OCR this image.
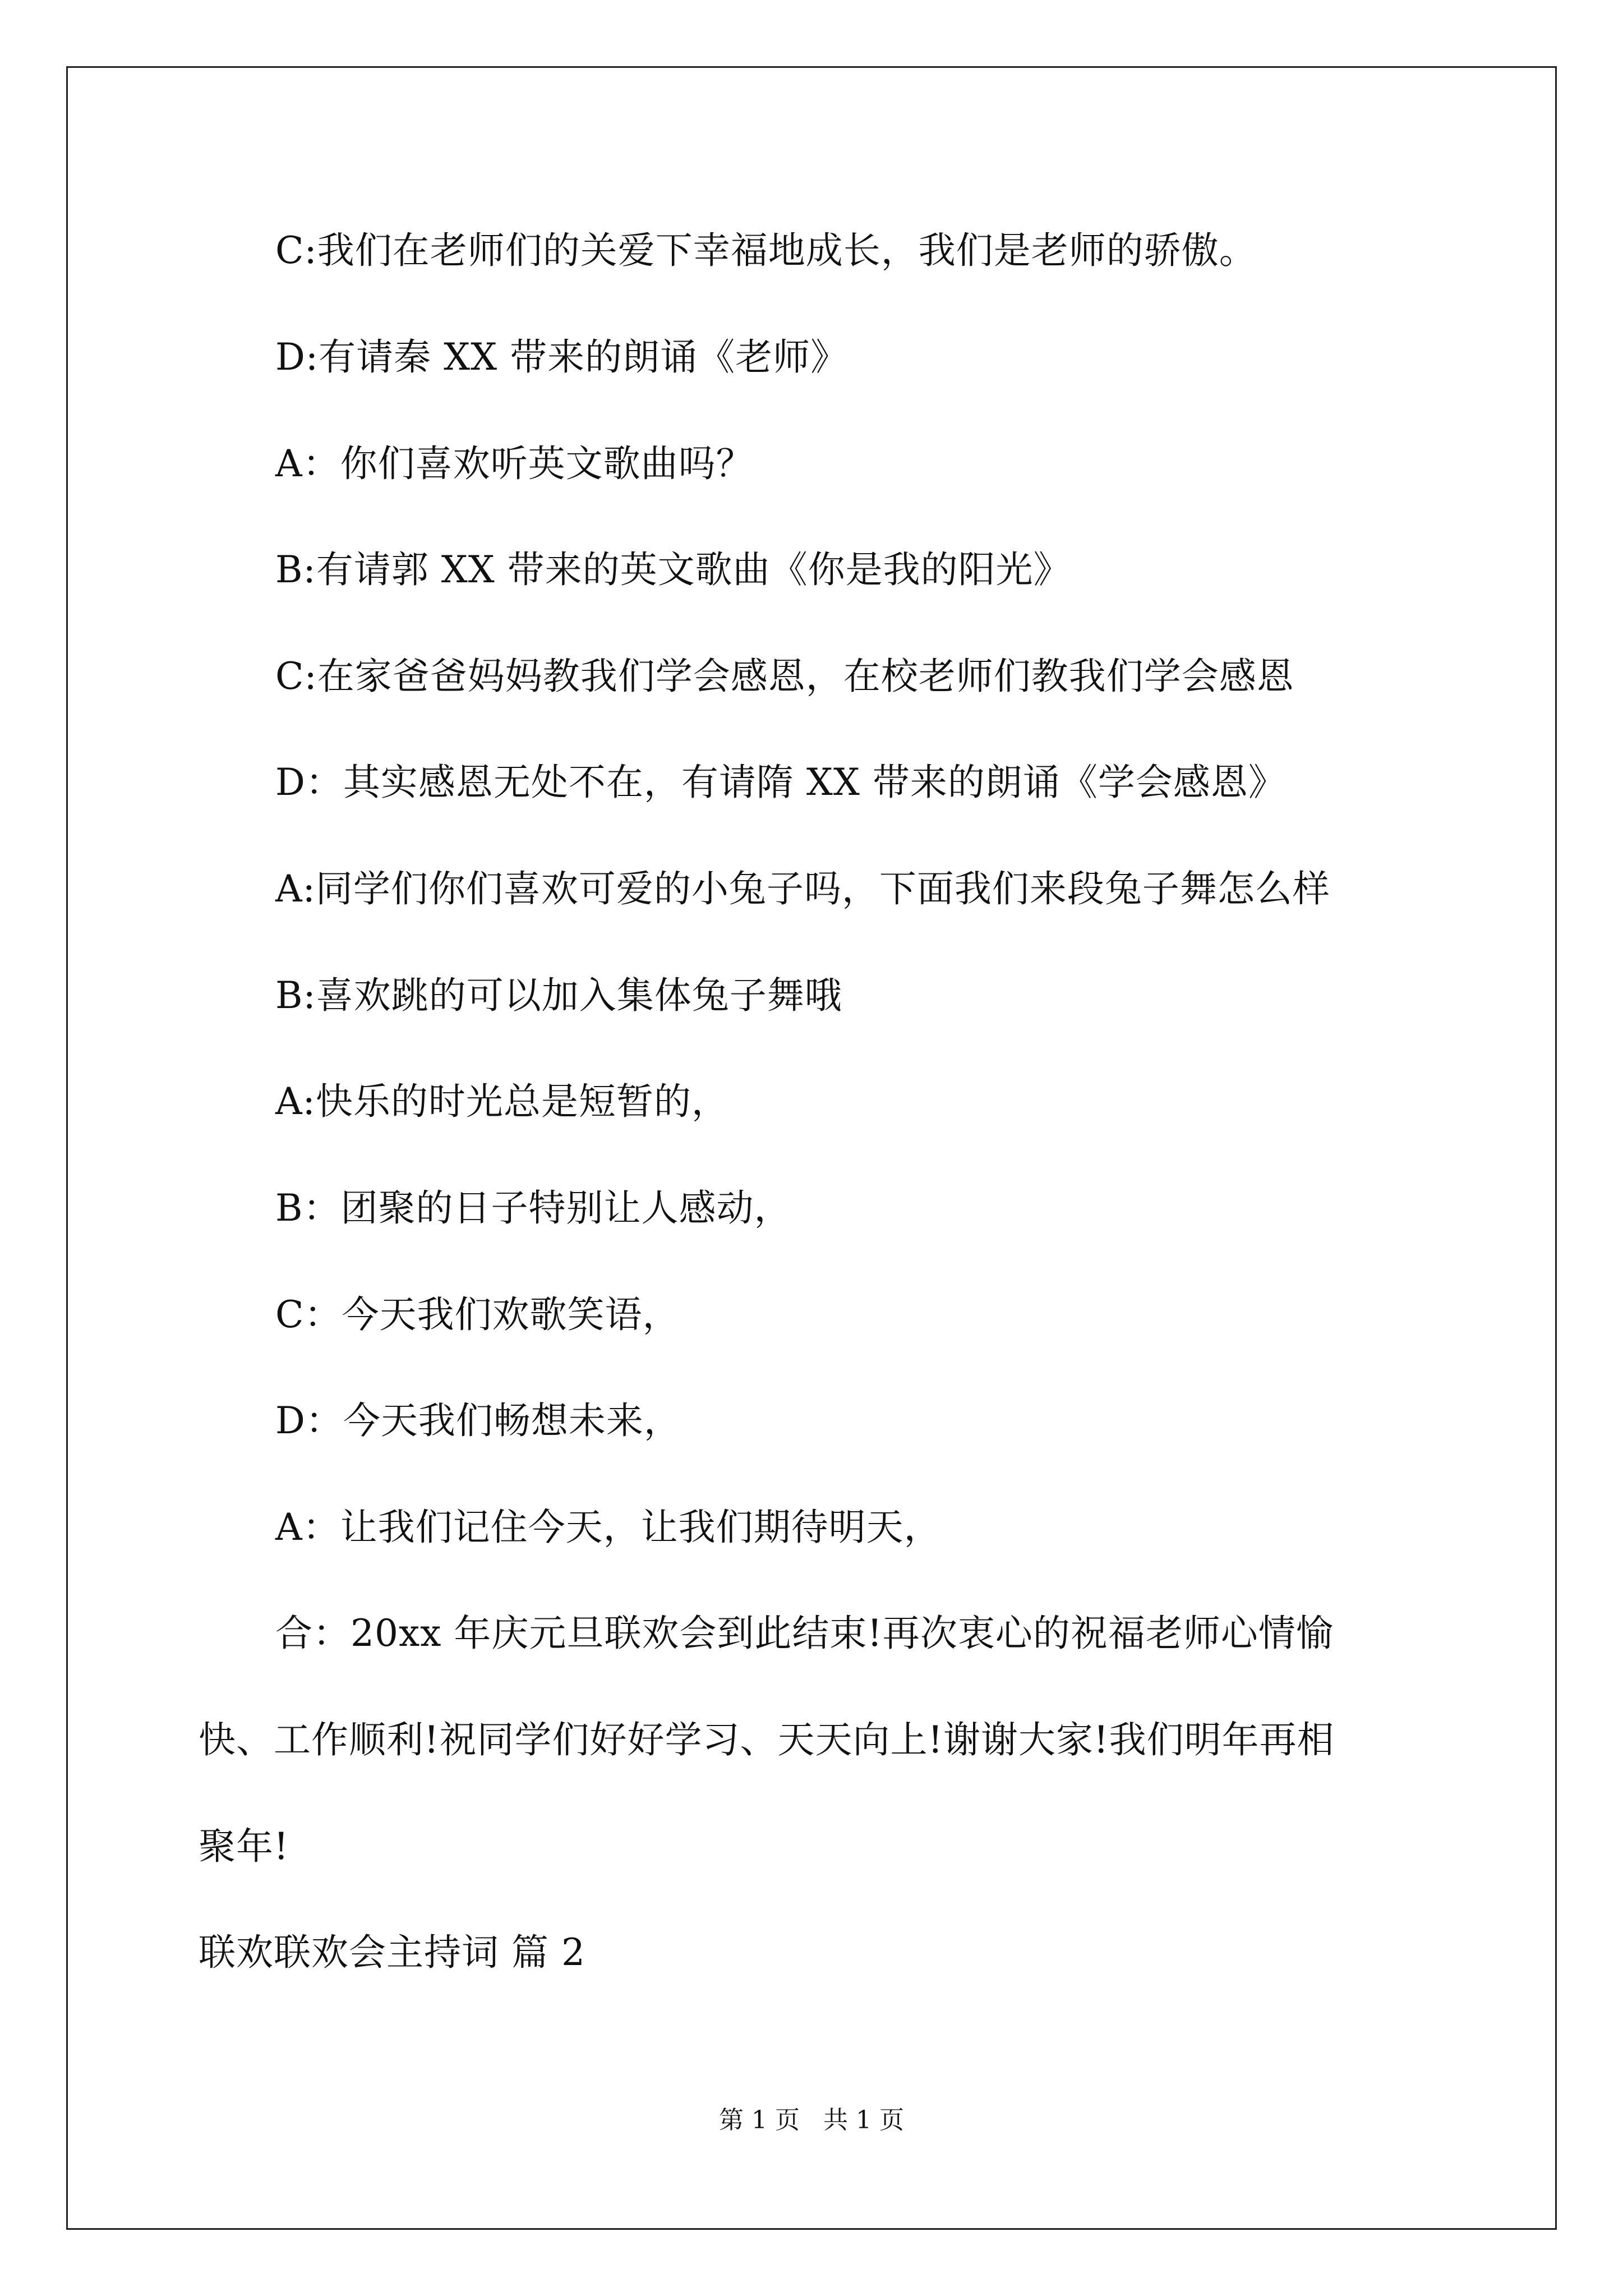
C:我们在老师们的关爱下幸福地成长，我们是老师的骄傲。
D:有请秦 XX 带来的朗诵《老师》
A：你们喜欢听英文歌曲吗？
B:有请郭 XX 带来的英文歌曲《你是我的阳光》
C:在家爸爸妈妈教我们学会感恩，在校老师们教我们学会感恩
D：其实感恩无处不在，有请隋 XX 带来的朗诵《学会感恩》
A:同学们你们喜欢可爱的小兔子吗，下面我们来段兔子舞怎么样
B:喜欢跳的可以加入集体兔子舞哦
A:快乐的时光总是短暂的，
B：团聚的日子特别让人感动，
C：今天我们欢歌笑语，
D：今天我们畅想未来，
A：让我们记住今天，让我们期待明天，
合：20xx 年庆元旦联欢会到此结束!再次衷心的祝福老师心情愉
快、工作顺利!祝同学们好好学习、天天向上!谢谢大家!我们明年再相
聚年!
联欢联欢会主持词 篇 2
第 1 页   共 1 页
